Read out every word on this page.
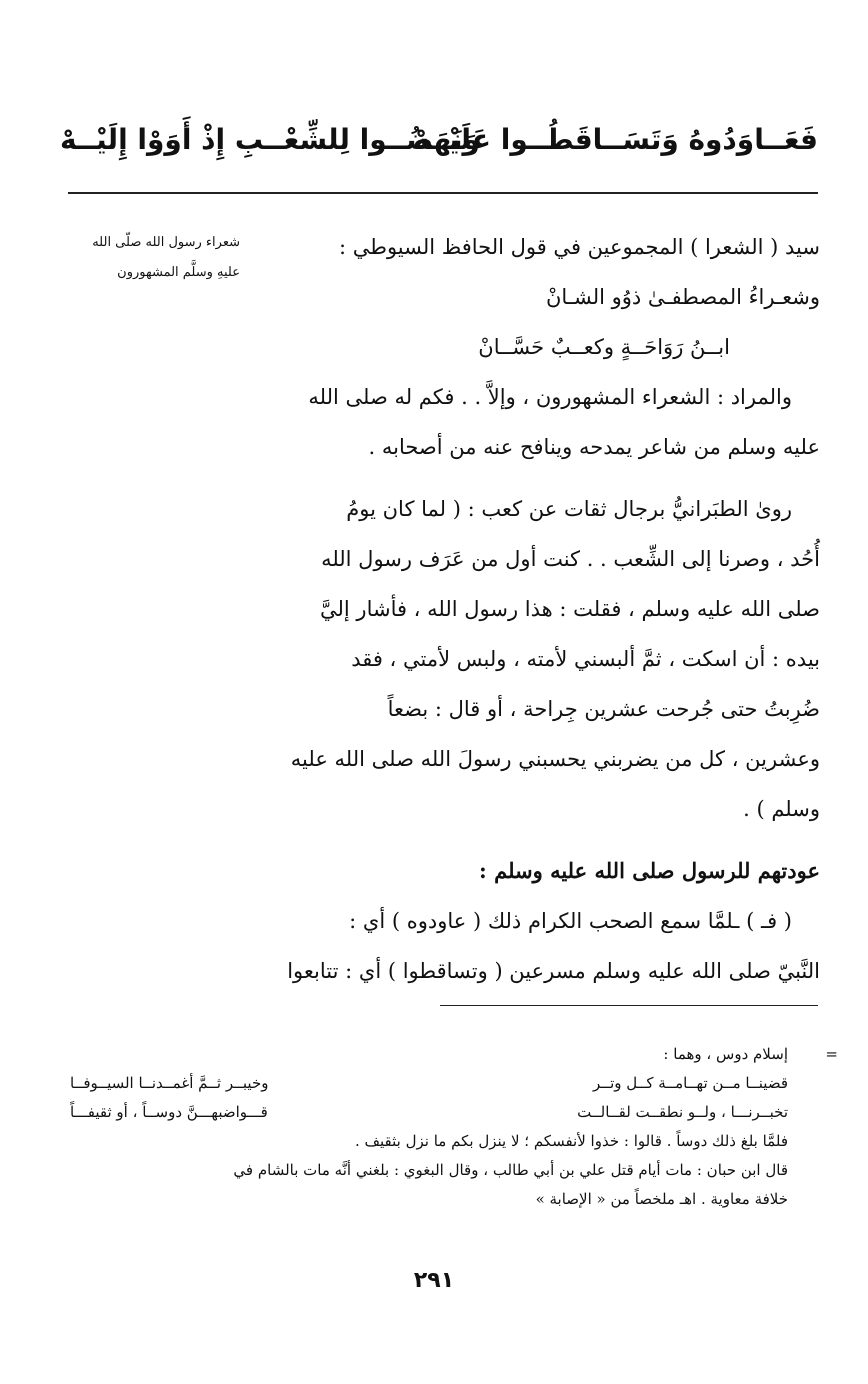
فَعَــاوَدُوهُ وَتَسَــاقَطُــوا عَلَيْــهْ
وَنَهَضُــوا لِلشِّعْــبِ إِذْ أَوَوْا إِلَيْــهْ
شعراء رسول الله صلّى الله
عليهِ وسلَّم المشهورون

سيد ( الشعرا ) المجموعين في قول الحافظ السيوطي :

وشعـراءُ المصطفـىٰ ذوُو الشـانْ

ابــنُ رَوَاحَــةٍ وكعــبٌ حَسَّــانْ

والمراد : الشعراء المشهورون ، وإلاَّ . . فكم له صلى الله

عليه وسلم من شاعر يمدحه وينافح عنه من أصحابه .

روىٰ الطبَرانيُّ برجال ثقات عن كعب : ( لما كان يومُ

أُحُد ، وصرنا إلى الشِّعب . . كنت أول من عَرَف رسول الله

صلى الله عليه وسلم ، فقلت : هذا رسول الله ، فأشار إليَّ

بيده : أن اسكت ، ثمَّ ألبسني لأمته ، ولبس لأمتي ، فقد

ضُرِبتُ حتى جُرحت عشرين جِراحة ، أو قال : بضعاً

وعشرين ، كل من يضربني يحسبني رسولَ الله صلى الله عليه

وسلم ) .

عودتهم للرسول صلى الله عليه وسلم :

( فـ ) ـلمَّا سمع الصحب الكرام ذلك ( عاودوه ) أي :

النَّبيّ صلى الله عليه وسلم مسرعين ( وتساقطوا ) أي : تتابعوا

=
إسلام دوس ، وهما :
قضينــا مــن تهــامــة كــل وتــر
وخيبــر ثــمَّ أغمــدنــا السيــوفــا
تخبــرنـــا ، ولــو نطقــت لقــالــت
قـــواضبهـــنَّ دوســاً ، أو ثقيفـــاً
فلمَّا بلغ ذلك دوساً . قالوا : خذوا لأنفسكم ؛ لا ينزل بكم ما نزل بثقيف .
قال ابن حبان : مات أيام قتل علي بن أبي طالب ، وقال البغوي : بلغني أنَّه مات بالشام في
خلافة معاوية . اهـ ملخصاً من « الإصابة »
٢٩١
